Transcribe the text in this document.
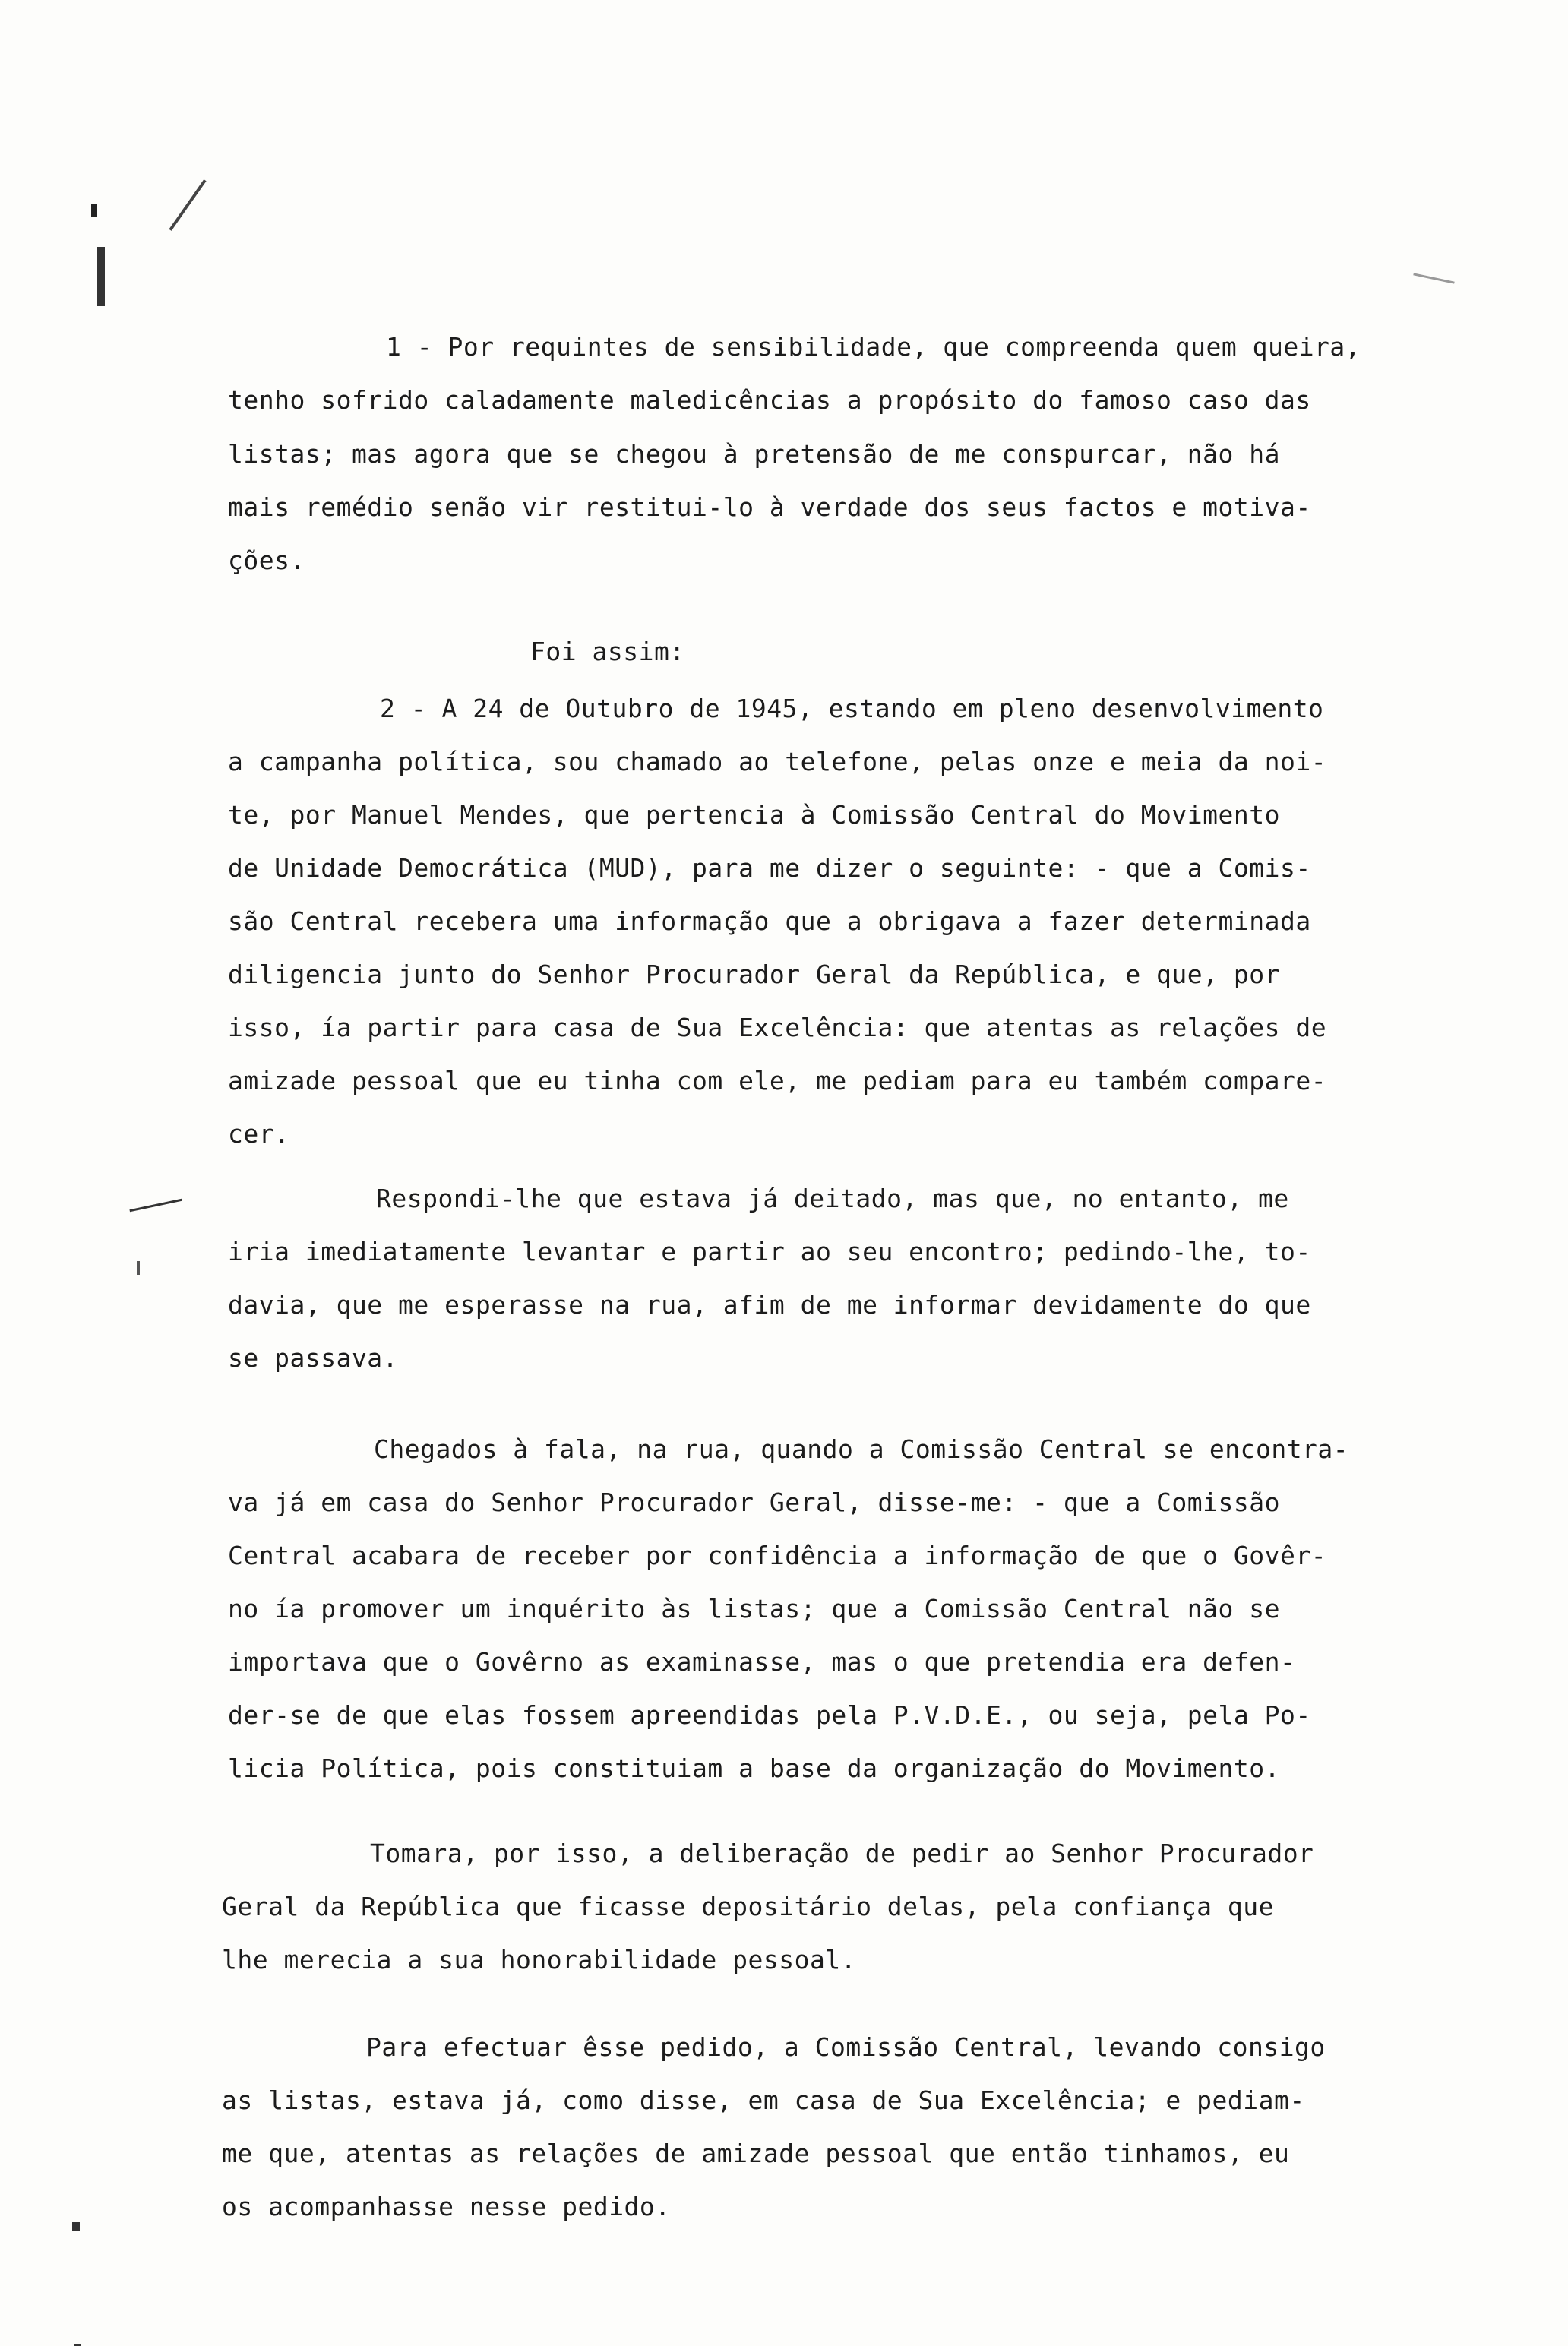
1 - Por requintes de sensibilidade, que compreenda quem queira,
tenho sofrido caladamente maledicências a propósito do famoso caso das
listas; mas agora que se chegou à pretensão de me conspurcar, não há
mais remédio senão vir restitui-lo à verdade dos seus factos e motiva-
ções.
Foi assim:
2 - A 24 de Outubro de 1945, estando em pleno desenvolvimento
a campanha política, sou chamado ao telefone, pelas onze e meia da noi-
te, por Manuel Mendes, que pertencia à Comissão Central do Movimento
de Unidade Democrática (MUD), para me dizer o seguinte: - que a Comis-
são Central recebera uma informação que a obrigava a fazer determinada
diligencia junto do Senhor Procurador Geral da República, e que, por
isso, ía partir para casa de Sua Excelência: que atentas as relações de
amizade pessoal que eu tinha com ele, me pediam para eu também compare-
cer.
Respondi-lhe que estava já deitado, mas que, no entanto, me
iria imediatamente levantar e partir ao seu encontro; pedindo-lhe, to-
davia, que me esperasse na rua, afim de me informar devidamente do que
se passava.
Chegados à fala, na rua, quando a Comissão Central se encontra-
va já em casa do Senhor Procurador Geral, disse-me: - que a Comissão
Central acabara de receber por confidência a informação de que o Govêr-
no ía promover um inquérito às listas; que a Comissão Central não se
importava que o Govêrno as examinasse, mas o que pretendia era defen-
der-se de que elas fossem apreendidas pela P.V.D.E., ou seja, pela Po-
licia Política, pois constituiam a base da organização do Movimento.
Tomara, por isso, a deliberação de pedir ao Senhor Procurador
Geral da República que ficasse depositário delas, pela confiança que
lhe merecia a sua honorabilidade pessoal.
Para efectuar êsse pedido, a Comissão Central, levando consigo
as listas, estava já, como disse, em casa de Sua Excelência; e pediam-
me que, atentas as relações de amizade pessoal que então tinhamos, eu
os acompanhasse nesse pedido.
